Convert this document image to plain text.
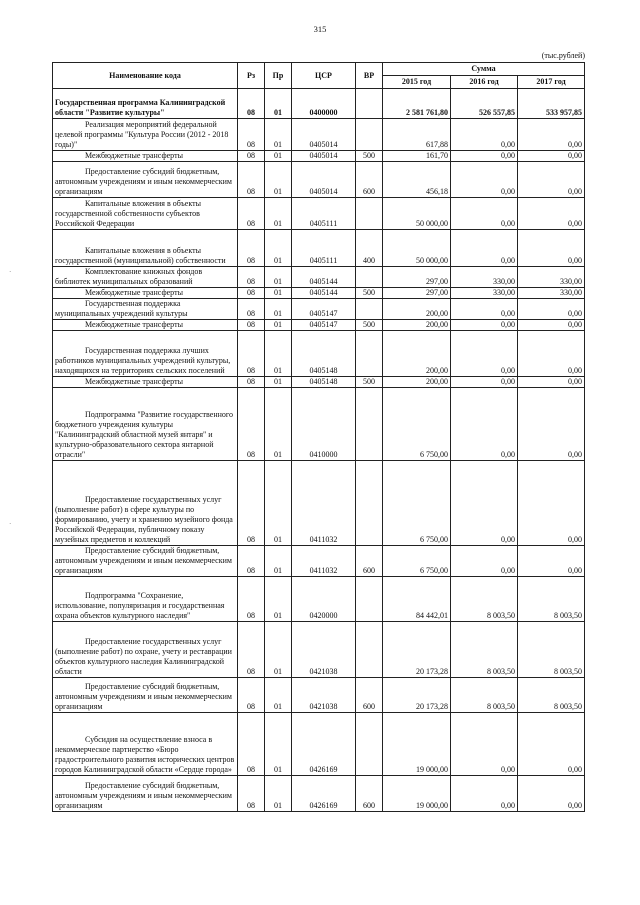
315
(тыс.рублей)
Наименование кода	Рз	Пр	ЦСР	ВР	Сумма		
					2015 год	2016 год	2017 год
Государственная программа Калининградской области "Развитие культуры"	08	01	0400000		2 581 761,80	526 557,85	533 957,85
Реализация мероприятий федеральной целевой программы "Культура России (2012 - 2018 годы)"	08	01	0405014		617,88	0,00	0,00
Межбюджетные трансферты	08	01	0405014	500	161,70	0,00	0,00
Предоставление субсидий бюджетным, автономным учреждениям и иным некоммерческим организациям	08	01	0405014	600	456,18	0,00	0,00
Капитальные вложения в объекты государственной собственности субъектов Российской Федерации	08	01	0405111		50 000,00	0,00	0,00
Капитальные вложения в объекты государственной (муниципальной) собственности	08	01	0405111	400	50 000,00	0,00	0,00
Комплектование книжных фондов библиотек муниципальных образований	08	01	0405144		297,00	330,00	330,00
Межбюджетные трансферты	08	01	0405144	500	297,00	330,00	330,00
Государственная поддержка муниципальных учреждений культуры	08	01	0405147		200,00	0,00	0,00
Межбюджетные трансферты	08	01	0405147	500	200,00	0,00	0,00
Государственная поддержка лучших работников муниципальных учреждений культуры, находящихся на территориях сельских поселений	08	01	0405148		200,00	0,00	0,00
Межбюджетные трансферты	08	01	0405148	500	200,00	0,00	0,00
Подпрограмма "Развитие государственного бюджетного учреждения культуры "Калининградский областной музей янтаря" и культурно-образовательного сектора янтарной отрасли"	08	01	0410000		6 750,00	0,00	0,00
Предоставление государственных услуг (выполнение работ) в сфере культуры по формированию, учету и хранению музейного фонда Российской Федерации, публичному показу музейных предметов и коллекций	08	01	0411032		6 750,00	0,00	0,00
Предоставление субсидий бюджетным, автономным учреждениям и иным некоммерческим организациям	08	01	0411032	600	6 750,00	0,00	0,00
Подпрограмма "Сохранение, использование, популяризация и государственная охрана объектов культурного наследия"	08	01	0420000		84 442,01	8 003,50	8 003,50
Предоставление государственных услуг (выполнение работ) по охране, учету и реставрации объектов культурного наследия Калининградской области	08	01	0421038		20 173,28	8 003,50	8 003,50
Предоставление субсидий бюджетным, автономным учреждениям и иным некоммерческим организациям	08	01	0421038	600	20 173,28	8 003,50	8 003,50
Субсидия на осуществление взноса в некоммерческое партнерство «Бюро градостроительного развития исторических центров городов Калининградской области «Сердце города»	08	01	0426169		19 000,00	0,00	0,00
Предоставление субсидий бюджетным, автономным учреждениям и иным некоммерческим организациям	08	01	0426169	600	19 000,00	0,00	0,00
·
·
